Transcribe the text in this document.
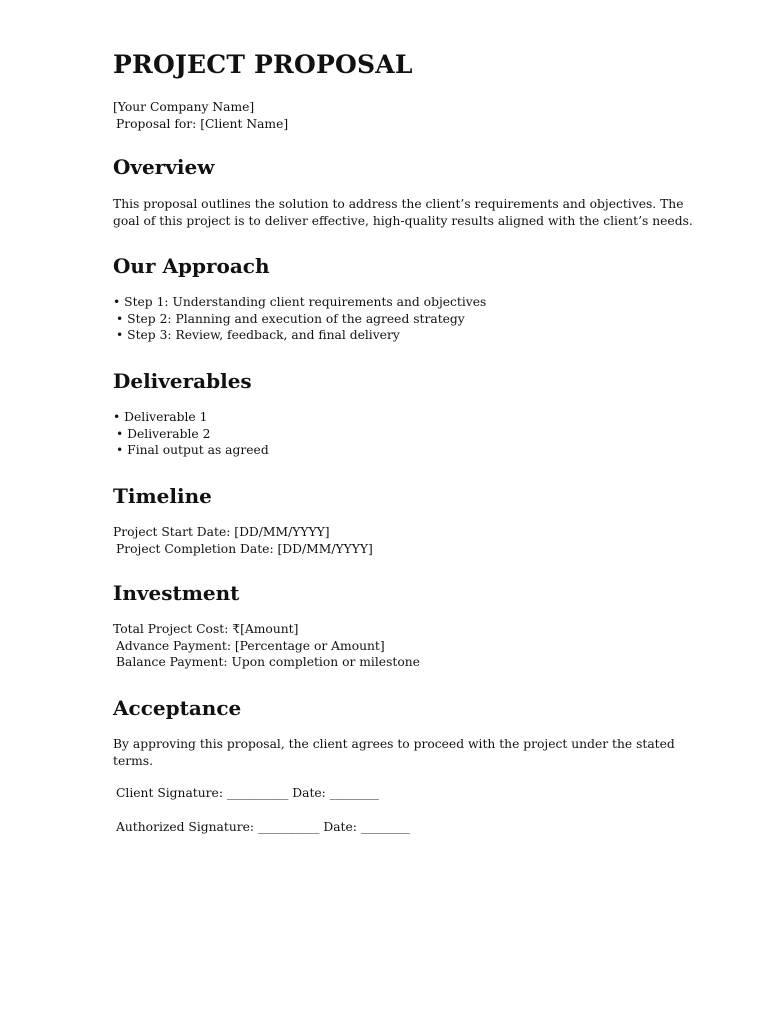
PROJECT PROPOSAL
[Your Company Name]
Proposal for: [Client Name]
Overview
This proposal outlines the solution to address the client’s requirements and objectives. The
goal of this project is to deliver effective, high-quality results aligned with the client’s needs.
Our Approach
• Step 1: Understanding client requirements and objectives
• Step 2: Planning and execution of the agreed strategy
• Step 3: Review, feedback, and final delivery
Deliverables
• Deliverable 1
• Deliverable 2
• Final output as agreed
Timeline
Project Start Date: [DD/MM/YYYY]
Project Completion Date: [DD/MM/YYYY]
Investment
Total Project Cost: ₹[Amount]
Advance Payment: [Percentage or Amount]
Balance Payment: Upon completion or milestone
Acceptance
By approving this proposal, the client agrees to proceed with the project under the stated
terms.
Client Signature: __________ Date: ________
Authorized Signature: __________ Date: ________
